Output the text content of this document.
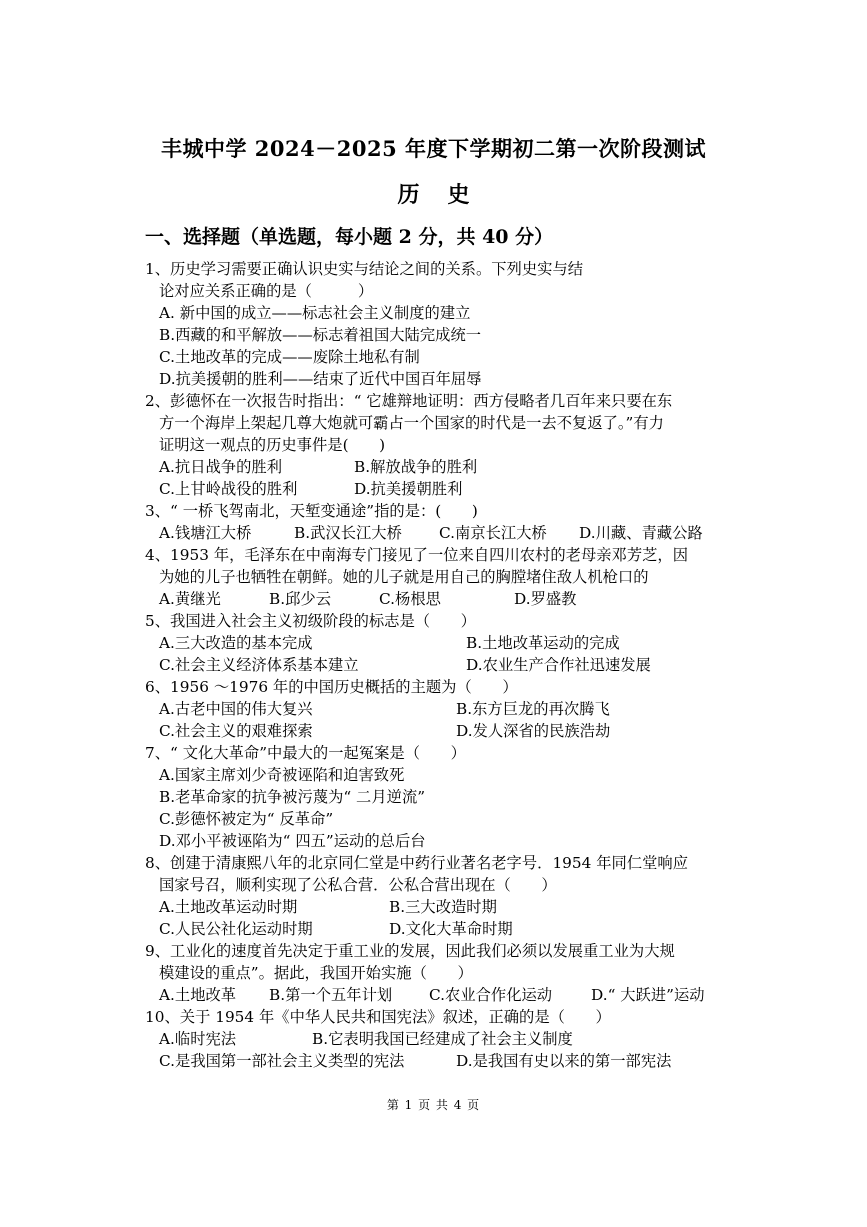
丰城中学 2024－2025 年度下学期初二第一次阶段测试
历史
一、选择题（单选题，每小题 2 分，共 40 分）
1、历史学习需要正确认识史实与结论之间的关系。下列史实与结
论对应关系正确的是（　　　）
A. 新中国的成立——标志社会主义制度的建立
B.西藏的和平解放——标志着祖国大陆完成统一
C.土地改革的完成——废除土地私有制
D.抗美援朝的胜利——结束了近代中国百年屈辱
2、彭德怀在一次报告时指出：“ 它雄辩地证明：西方侵略者几百年来只要在东
方一个海岸上架起几尊大炮就可霸占一个国家的时代是一去不复返了。”有力
证明这一观点的历史事件是(　　)
A.抗日战争的胜利	B.解放战争的胜利
C.上甘岭战役的胜利	D.抗美援朝胜利
3、“ 一桥飞驾南北，天堑变通途”指的是：(　　)
A.钱塘江大桥	B.武汉长江大桥	C.南京长江大桥	D.川藏、青藏公路
4、1953 年，毛泽东在中南海专门接见了一位来自四川农村的老母亲邓芳芝，因
为她的儿子也牺牲在朝鲜。她的儿子就是用自己的胸膛堵住敌人机枪口的
A.黄继光	B.邱少云	C.杨根思	D.罗盛教
5、我国进入社会主义初级阶段的标志是（　　）
A.三大改造的基本完成	B.土地改革运动的完成
C.社会主义经济体系基本建立	D.农业生产合作社迅速发展
6、1956 ～1976 年的中国历史概括的主题为（　　）
A.古老中国的伟大复兴	B.东方巨龙的再次腾飞
C.社会主义的艰难探索	D.发人深省的民族浩劫
7、“ 文化大革命”中最大的一起冤案是（　　）
A.国家主席刘少奇被诬陷和迫害致死
B.老革命家的抗争被污蔑为“ 二月逆流”
C.彭德怀被定为“ 反革命”
D.邓小平被诬陷为“ 四五”运动的总后台
8、创建于清康熙八年的北京同仁堂是中药行业著名老字号．1954 年同仁堂响应
国家号召，顺利实现了公私合营．公私合营出现在（　　）
A.土地改革运动时期	B.三大改造时期
C.人民公社化运动时期	D.文化大革命时期
9、工业化的速度首先决定于重工业的发展，因此我们必须以发展重工业为大规
模建设的重点”。据此，我国开始实施（　　）
A.土地改革	B.第一个五年计划	C.农业合作化运动	D.“ 大跃进”运动
10、关于 1954 年《中华人民共和国宪法》叙述，正确的是（　　）
A.临时宪法	B.它表明我国已经建成了社会主义制度
C.是我国第一部社会主义类型的宪法	D.是我国有史以来的第一部宪法
第 1 页 共 4 页
